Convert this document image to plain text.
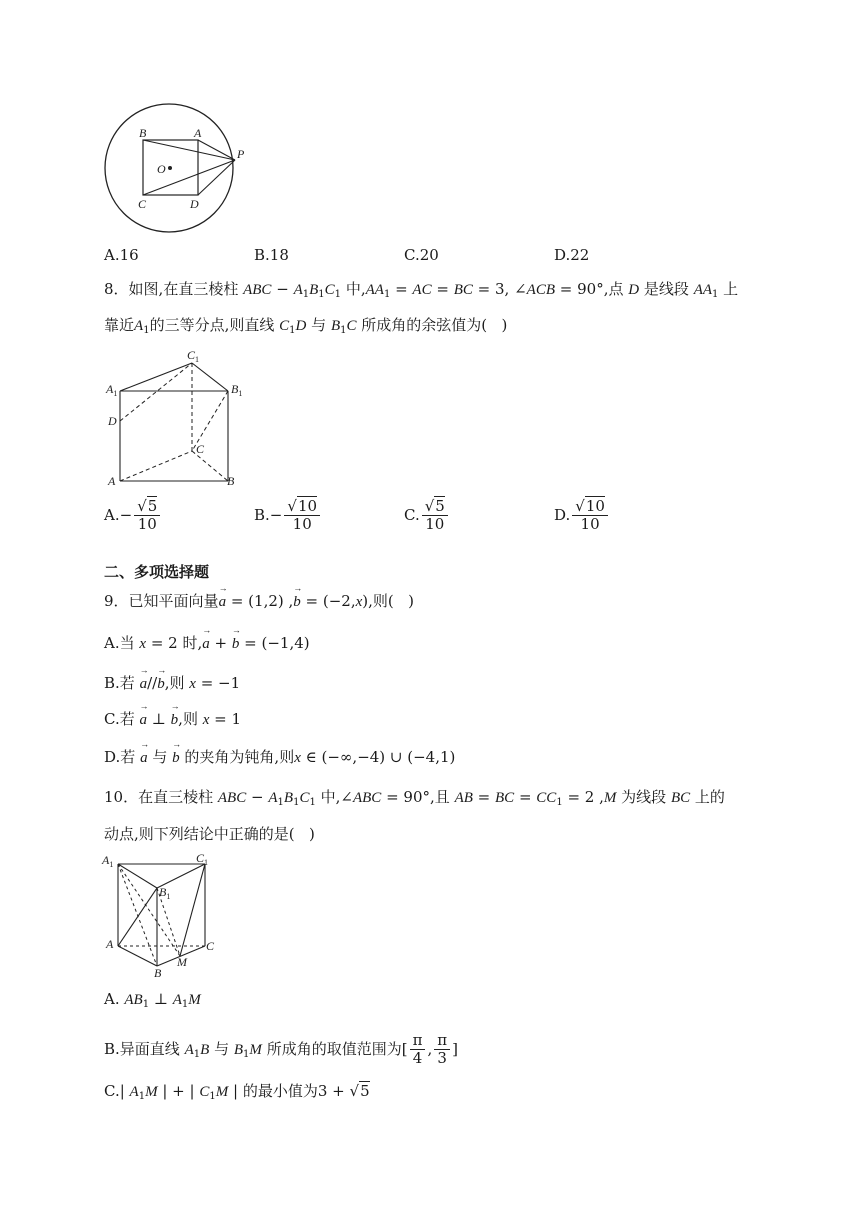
B	A
P
O
C	D
A.16	B.18	C.20	D.22
8．如图,在直三棱柱 ABC − $A_1B_1C_1$ 中$,AA_1$ = AC = BC = 3, ∠ACB = 90°,点 D 是线段 $AA_1$ 上
靠近$A_1$的三等分点,则直线 $C_1D$ 与 $B_1C$ 所成角的余弦值为( )
$C_1$
$A_1$	$B_1$
D
C
A	B
$A.- \frac{√5}{10}$	$B.- \frac{√10}{10}$	C. $\frac{√5}{10}$	D. $\frac{√10}{10}$
二、多项选择题
9．已知平面向量→ a = (1,2) ,→ b = (−2,x),则( )
A.当 x = 2 时,→ a + → b = (−1,4)
B.若 → a//→ b,则 x = −1
C.若 → a ⊥ → b,则 x = 1
D.若 → a 与 → b 的夹角为钝角,则x ∈ (−∞,−4) ∪ (−4,1)
10．在直三棱柱 ABC − $A_1B_1C_1$ 中,∠ABC = 90°,且 AB = BC = $CC_1 = 2$ ,M 为线段 BC 上的
动点,则下列结论中正确的是( )
$A_1$	$C_1$
$B_1$
A	C
M
B
A. $AB_1$ ⊥ $A_1M$
B.异面直线 $A_1B$ 与 $B_1M$ 所成角的取值范围为[ $\frac{\pi}{4}$ , $\frac{\pi}{3}$ ]
C.| $A_1M$ | + | $C_1M$ | 的最小值为3 + √5
